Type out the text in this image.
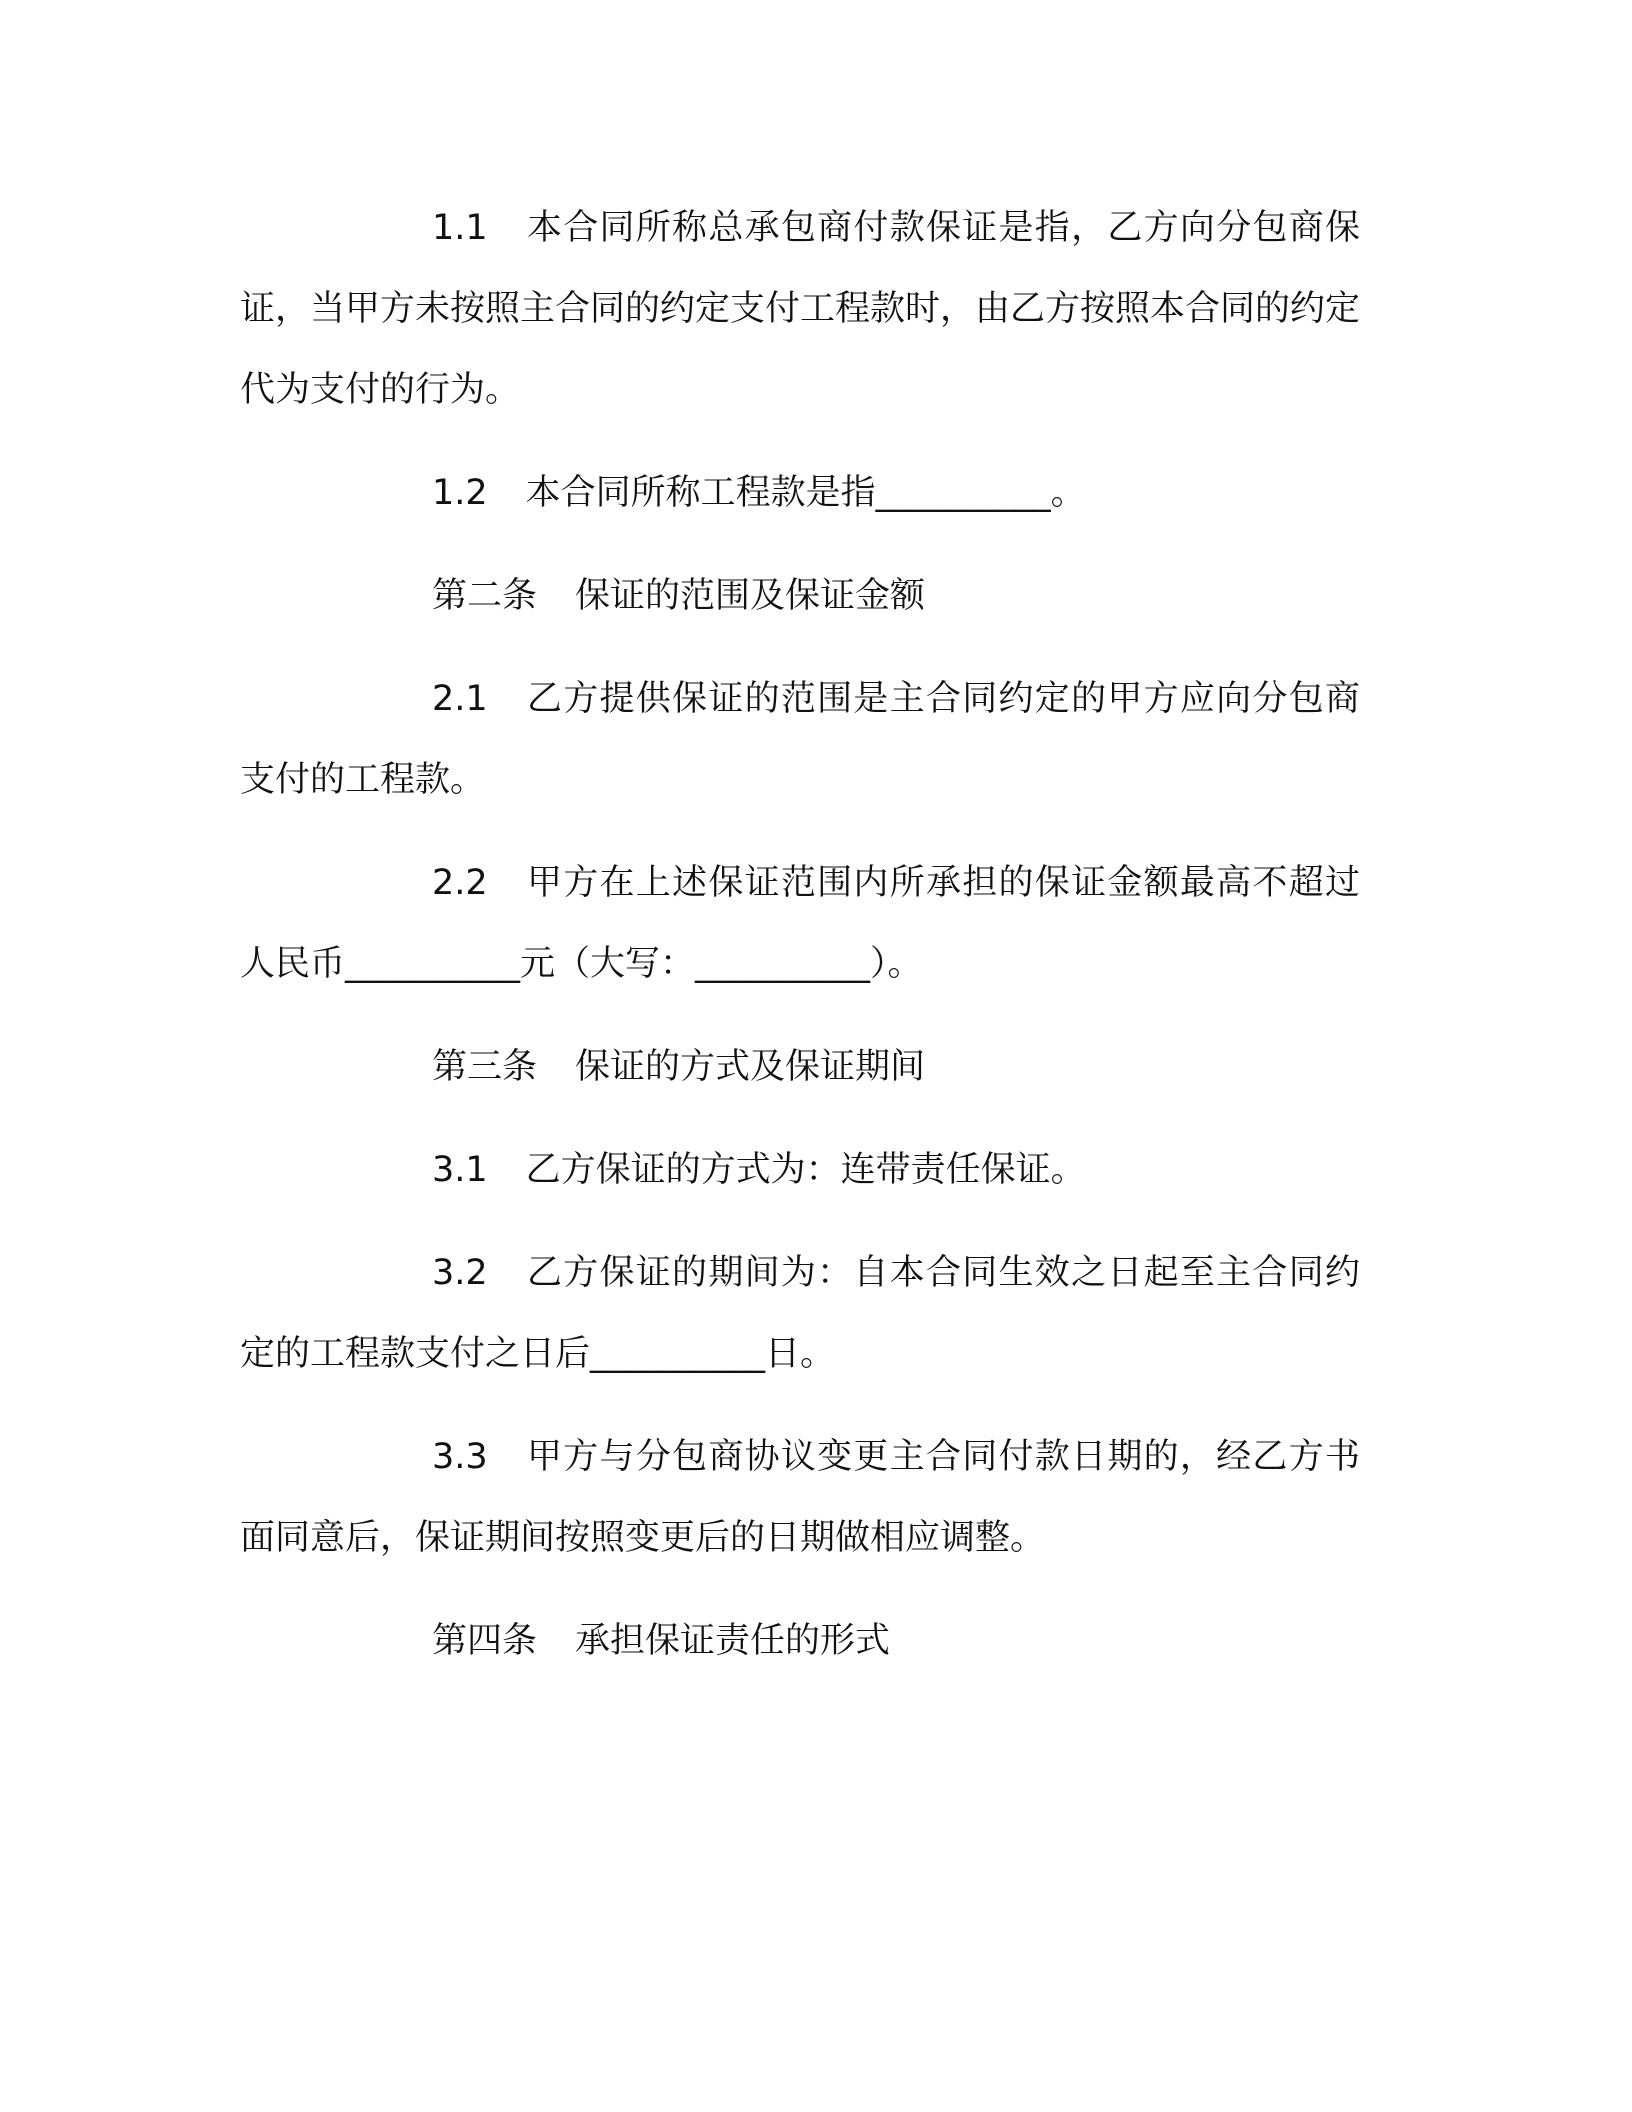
1.1 本合同所称总承包商付款保证是指，乙方向分包商保证，当甲方未按照主合同的约定支付工程款时，由乙方按照本合同的约定代为支付的行为。

1.2 本合同所称工程款是指__________。

第二条 保证的范围及保证金额

2.1 乙方提供保证的范围是主合同约定的甲方应向分包商支付的工程款。

2.2 甲方在上述保证范围内所承担的保证金额最高不超过人民币__________元（大写：__________）。

第三条 保证的方式及保证期间

3.1 乙方保证的方式为：连带责任保证。

3.2 乙方保证的期间为：自本合同生效之日起至主合同约定的工程款支付之日后__________日。

3.3 甲方与分包商协议变更主合同付款日期的，经乙方书面同意后，保证期间按照变更后的日期做相应调整。

第四条 承担保证责任的形式
